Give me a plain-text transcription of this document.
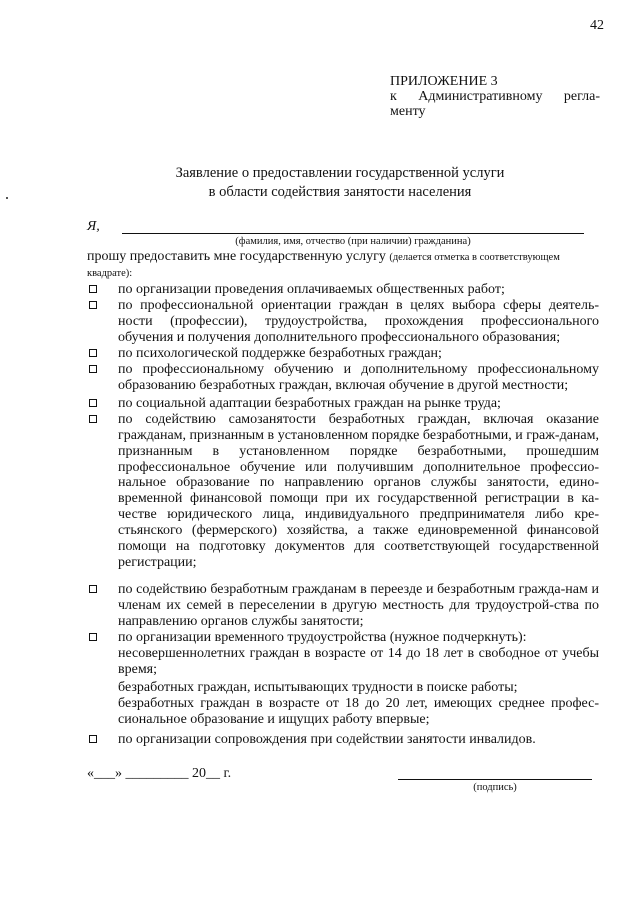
42
ПРИЛОЖЕНИЕ 3
к Административному регла-
менту
Заявление о предоставлении государственной услуги
в области содействия занятости населения
Я,
(фамилия, имя, отчество (при наличии) гражданина)
прошу предоставить мне государственную услугу (делается отметка в соответствующем квадрате):
по организации проведения оплачиваемых общественных работ;
по профессиональной ориентации граждан в целях выбора сферы деятель-ности (профессии), трудоустройства, прохождения профессионального обучения и получения дополнительного профессионального образования;
по психологической поддержке безработных граждан;
по профессиональному обучению и дополнительному профессиональному образованию безработных граждан, включая обучение в другой местности;
по социальной адаптации безработных граждан на рынке труда;
по содействию самозанятости безработных граждан, включая оказание гражданам, признанным в установленном порядке безработными, и граж-данам, признанным в установленном порядке безработными, прошедшим профессиональное обучение или получившим дополнительное профессио-нальное образование по направлению органов службы занятости, едино-временной финансовой помощи при их государственной регистрации в ка-честве юридического лица, индивидуального предпринимателя либо кре-стьянского (фермерского) хозяйства, а также единовременной финансовой помощи на подготовку документов для соответствующей государственной регистрации;
по содействию безработным гражданам в переезде и безработным гражда-нам и членам их семей в переселении в другую местность для трудоустрой-ства по направлению органов службы занятости;
по организации временного трудоустройства (нужное подчеркнуть):
несовершеннолетних граждан в возрасте от 14 до 18 лет в свободное от учебы время;
безработных граждан, испытывающих трудности в поиске работы;
безработных граждан в возрасте от 18 до 20 лет, имеющих среднее профес-сиональное образование и ищущих работу впервые;
по организации сопровождения при содействии занятости инвалидов.
«___» _________ 20__ г.
(подпись)
